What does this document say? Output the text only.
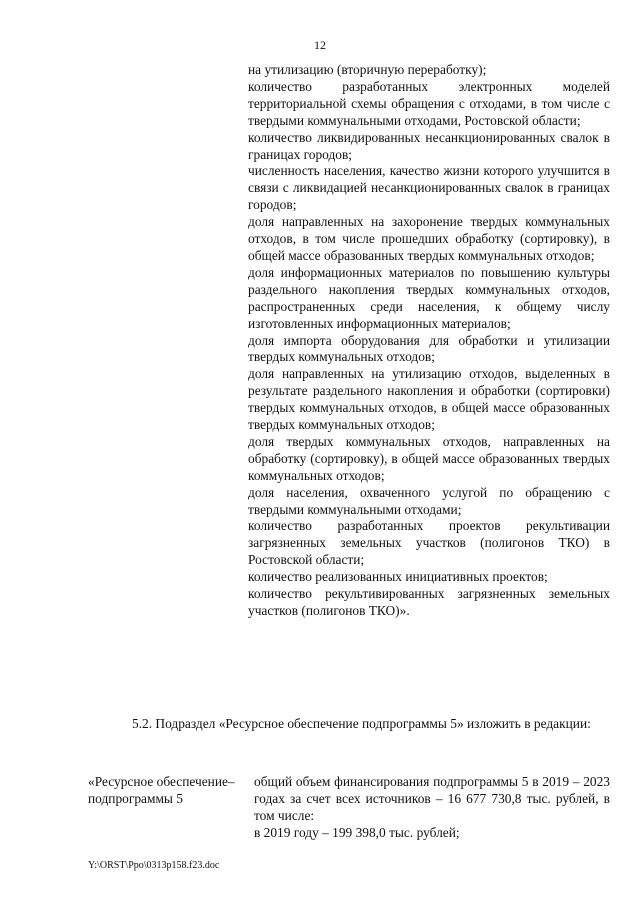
12

на утилизацию (вторичную переработку);

количество разработанных электронных моделей территориальной схемы обращения с отходами, в том числе с твердыми коммунальными отходами, Ростовской области;

количество ликвидированных несанкционированных свалок в границах городов;

численность населения, качество жизни которого улучшится в связи с ликвидацией несанкционированных свалок в границах городов;

доля направленных на захоронение твердых коммунальных отходов, в том числе прошедших обработку (сортировку), в общей массе образованных твердых коммунальных отходов;

доля информационных материалов по повышению культуры раздельного накопления твердых коммунальных отходов, распространенных среди населения, к общему числу изготовленных информационных материалов;

доля импорта оборудования для обработки и утилизации твердых коммунальных отходов;

доля направленных на утилизацию отходов, выделенных в результате раздельного накопления и обработки (сортировки) твердых коммунальных отходов, в общей массе образованных твердых коммунальных отходов;

доля твердых коммунальных отходов, направленных на обработку (сортировку), в общей массе образованных твердых коммунальных отходов;

доля населения, охваченного услугой по обращению с твердыми коммунальными отходами;

количество разработанных проектов рекультивации загрязненных земельных участков (полигонов ТКО) в Ростовской области;

количество реализованных инициативных проектов;

количество рекультивированных загрязненных земельных участков (полигонов ТКО)».

5.2. Подраздел «Ресурсное обеспечение подпрограммы 5» изложить в редакции:

«Ресурсное обеспечение подпрограммы 5
– общий объем финансирования подпрограммы 5 в 2019 – 2023 годах за счет всех источников – 16 677 730,8 тыс. рублей, в том числе:

в 2019 году – 199 398,0 тыс. рублей;

Y:\ORST\Ppo\0313p158.f23.doc
